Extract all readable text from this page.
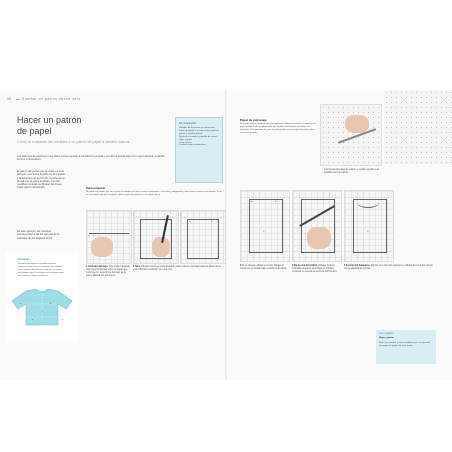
36	Diseñar un patrón desde cero
Hacer un patrón
de papel
Cómo se trasladan las medidas a un patrón de papel a tamaño natural.
Los patrones de papel son muy útiles porque ayudan a visualizar la prenda y su ciclo si puede tejer con mayor eficacia, evitando errores innecesarios.
El patrón del punto que se utiliza en este ejemplo, que forma la parte de la espalda y la delantera de la prenda, representa el tamaño de la pieza acabada. Con las medidas tomadas se dibujan las líneas sobre papel milimetrado.
En este ejemplo, las medidas corresponden a las del ejemplo de la camiseta de las páginas 34-35.
Se necesita:
Medidas de la prenda en centímetros
Papel de patrón a escala o bien papel de patrón a tamaño natural
Regla de escuadra y plantilla de curvas
Lápiz y goma
Cinta métrica
Cuaderno para anotaciones
Consejo
El patrón de papel es un plano útil para planificar cómo tejer, e interpretar las medidas de la prenda. Márcalo en el papel y confirma las medidas que se incluyan en el diseño antes de empezar a tejer el proyecto.
a	b
c
d
e
Para empezar
El papel con puntos y la cruz facilita el trazado de líneas rectas horizontales, verticales y diagonales y una buena construcción exacta. Si no se encuentra este tipo de papel, utilizar papel de patrones o de papel blanco.
A	B
1 Anchura del bajo. Comenzar trazando una línea horizontal sobre el papel que coincida con la anchura del bajo de la pieza. Marcar los extremos.
2 Sisa. Dibujar una línea vertical desde cada extremo del bajo hasta la altura de la sisa. Marcar la posición con una cruz.
Papel de patronaje
Se puede utilizar cualquier tipo de papel para dibujar un patrón. Lo ideal es un papel cuadriculado o milimetrado que facilita el trazado de las líneas con exactitud. Para prendas de gran tamaño puede usarse papel de patrón sobre una mesa grande.
Las líneas del papel de patrón y cuadro ayudan a la exactitud en los trazos.
A	B
C	D
3 Si se desean añadir el cuello, dibujar la curva con un hilado bajo a partir de la altura.
4 De la sisa al hombro. Dibujar la línea inclinada desde la sisa hasta el hombro, teniendo en cuenta la anchura del hombro.
5 Escote del delantero. Marcar el centro del delantero y dibujar la curva del escote con la plantilla de curvas.
VER TAMBIÉN
Mapa y patrón
Medir las prendas y tomar medidas para una prenda con papel de patrón de este modo.
